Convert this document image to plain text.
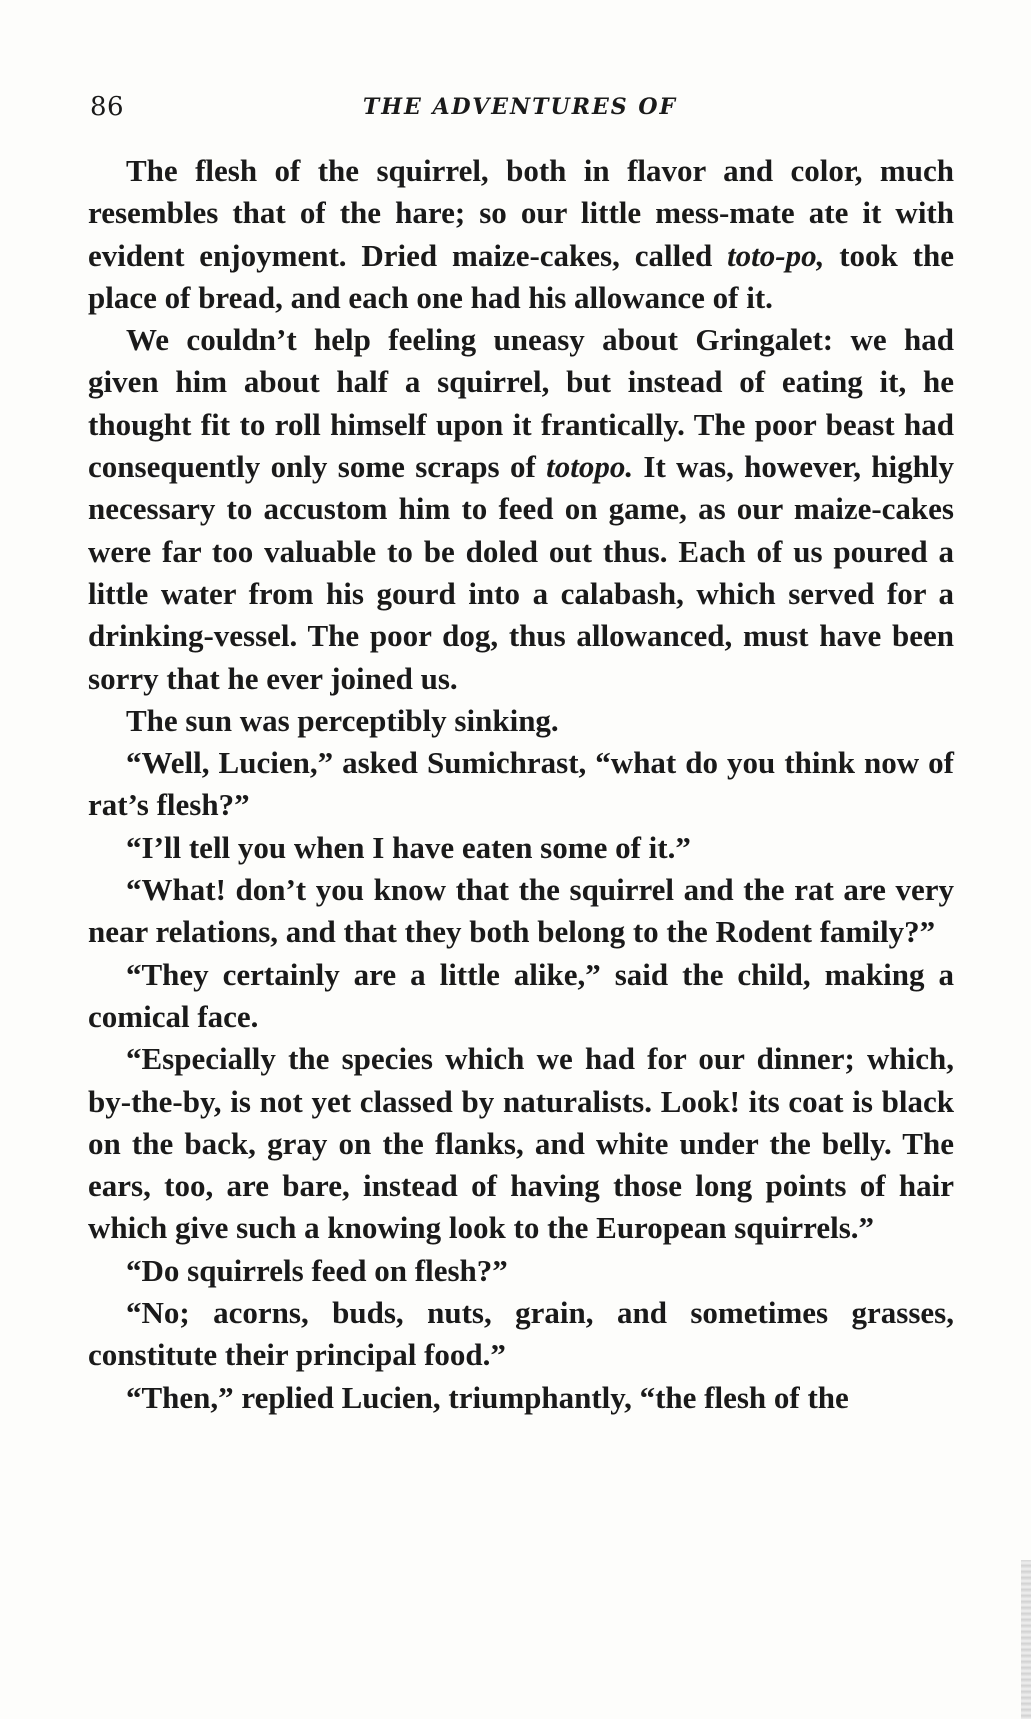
86	THE ADVENTURES OF

The flesh of the squirrel, both in flavor and color, much resembles that of the hare; so our little mess-mate ate it with evident enjoyment. Dried maize-cakes, called toto-po, took the place of bread, and each one had his allowance of it.

We couldn’t help feeling uneasy about Gringalet: we had given him about half a squirrel, but instead of eating it, he thought fit to roll himself upon it frantically. The poor beast had consequently only some scraps of totopo. It was, however, highly necessary to accustom him to feed on game, as our maize-cakes were far too valuable to be doled out thus. Each of us poured a little water from his gourd into a calabash, which served for a drinking-vessel. The poor dog, thus allowanced, must have been sorry that he ever joined us.

The sun was perceptibly sinking.

“Well, Lucien,” asked Sumichrast, “what do you think now of rat’s flesh?”

“I’ll tell you when I have eaten some of it.”

“What! don’t you know that the squirrel and the rat are very near relations, and that they both belong to the Rodent family?”

“They certainly are a little alike,” said the child, making a comical face.

“Especially the species which we had for our dinner; which, by-the-by, is not yet classed by naturalists. Look! its coat is black on the back, gray on the flanks, and white under the belly. The ears, too, are bare, instead of having those long points of hair which give such a knowing look to the European squirrels.”

“Do squirrels feed on flesh?”

“No; acorns, buds, nuts, grain, and sometimes grasses, constitute their principal food.”

“Then,” replied Lucien, triumphantly, “the flesh of the
